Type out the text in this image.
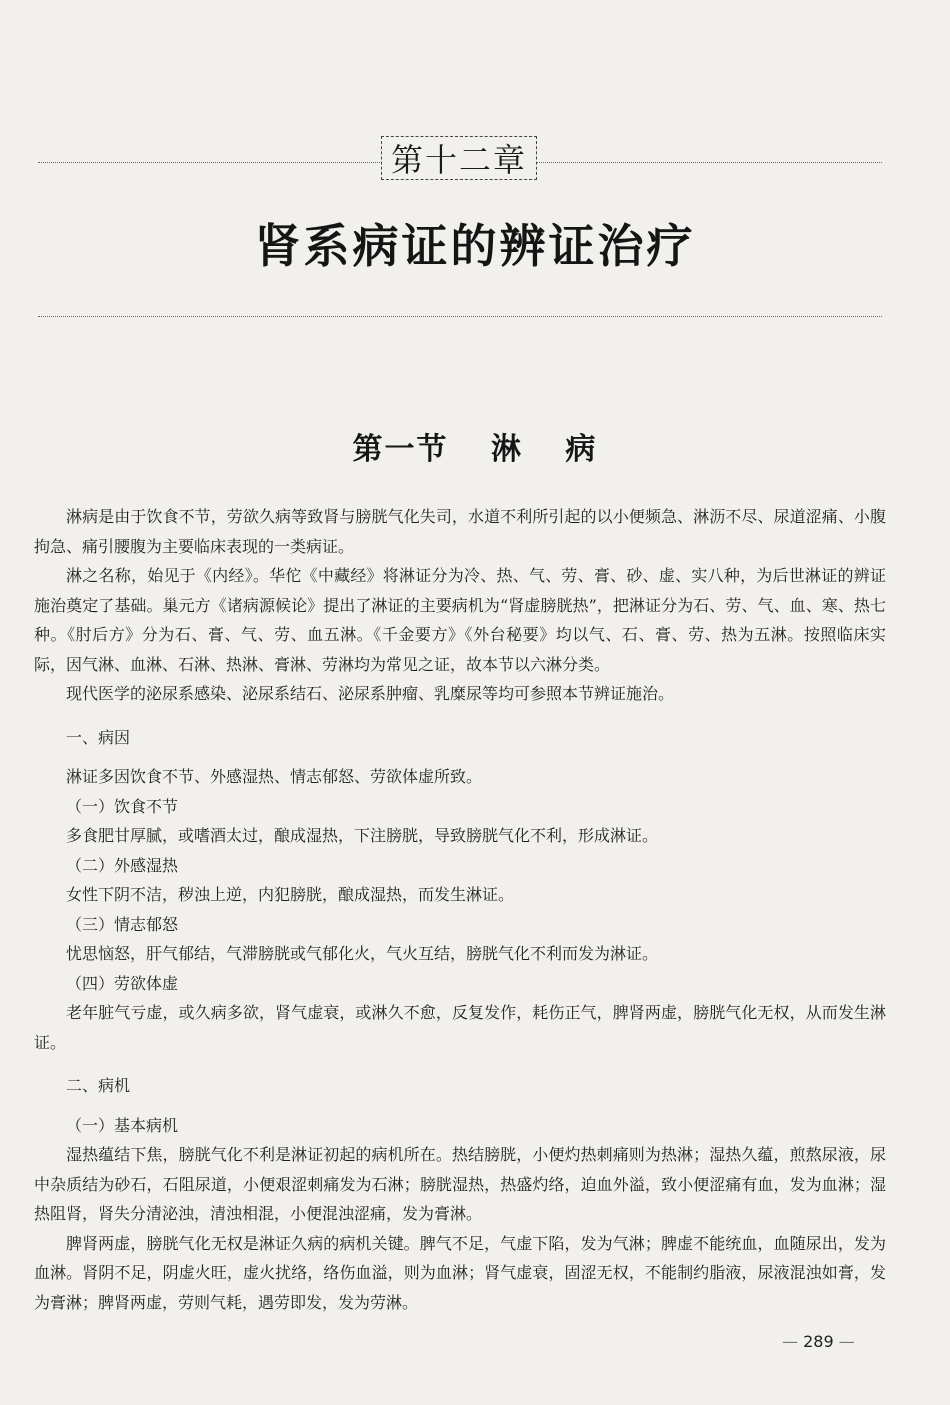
第十二章
肾系病证的辨证治疗
第一节 淋 病

淋病是由于饮食不节，劳欲久病等致肾与膀胱气化失司，水道不利所引起的以小便频急、淋沥不尽、尿道涩痛、小腹拘急、痛引腰腹为主要临床表现的一类病证。

淋之名称，始见于《内经》。华佗《中藏经》将淋证分为冷、热、气、劳、膏、砂、虚、实八种，为后世淋证的辨证施治奠定了基础。巢元方《诸病源候论》提出了淋证的主要病机为“肾虚膀胱热”，把淋证分为石、劳、气、血、寒、热七种。《肘后方》分为石、膏、气、劳、血五淋。《千金要方》《外台秘要》均以气、石、膏、劳、热为五淋。按照临床实际，因气淋、血淋、石淋、热淋、膏淋、劳淋均为常见之证，故本节以六淋分类。

现代医学的泌尿系感染、泌尿系结石、泌尿系肿瘤、乳糜尿等均可参照本节辨证施治。

一、病因

淋证多因饮食不节、外感湿热、情志郁怒、劳欲体虚所致。

（一）饮食不节

多食肥甘厚腻，或嗜酒太过，酿成湿热，下注膀胱，导致膀胱气化不利，形成淋证。

（二）外感湿热

女性下阴不洁，秽浊上逆，内犯膀胱，酿成湿热，而发生淋证。

（三）情志郁怒

忧思恼怒，肝气郁结，气滞膀胱或气郁化火，气火互结，膀胱气化不利而发为淋证。

（四）劳欲体虚

老年脏气亏虚，或久病多欲，肾气虚衰，或淋久不愈，反复发作，耗伤正气，脾肾两虚，膀胱气化无权，从而发生淋证。

二、病机
（一）基本病机

湿热蕴结下焦，膀胱气化不利是淋证初起的病机所在。热结膀胱，小便灼热刺痛则为热淋；湿热久蕴，煎熬尿液，尿中杂质结为砂石，石阻尿道，小便艰涩刺痛发为石淋；膀胱湿热，热盛灼络，迫血外溢，致小便涩痛有血，发为血淋；湿热阻肾，肾失分清泌浊，清浊相混，小便混浊涩痛，发为膏淋。

脾肾两虚，膀胱气化无权是淋证久病的病机关键。脾气不足，气虚下陷，发为气淋；脾虚不能统血，血随尿出，发为血淋。肾阴不足，阴虚火旺，虚火扰络，络伤血溢，则为血淋；肾气虚衰，固涩无权，不能制约脂液，尿液混浊如膏，发为膏淋；脾肾两虚，劳则气耗，遇劳即发，发为劳淋。

— 289 —
